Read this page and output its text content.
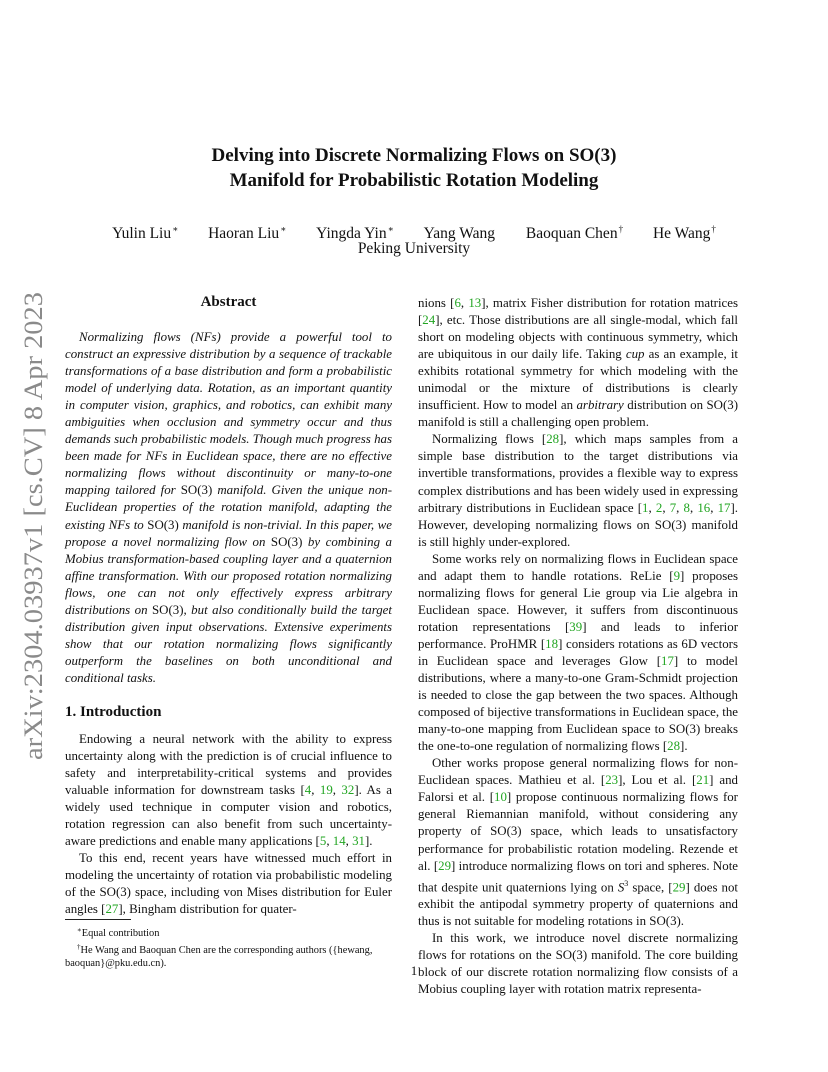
Delving into Discrete Normalizing Flows on SO(3)
Manifold for Probabilistic Rotation Modeling
Yulin Liu∗ Haoran Liu∗ Yingda Yin∗ Yang Wang Baoquan Chen† He Wang†
Peking University
arXiv:2304.03937v1 [cs.CV] 8 Apr 2023
Abstract

Normalizing flows (NFs) provide a powerful tool to construct an expressive distribution by a sequence of trackable transformations of a base distribution and form a probabilistic model of underlying data. Rotation, as an important quantity in computer vision, graphics, and robotics, can exhibit many ambiguities when occlusion and symmetry occur and thus demands such probabilistic models. Though much progress has been made for NFs in Euclidean space, there are no effective normalizing flows without discontinuity or many-to-one mapping tailored for SO(3) manifold. Given the unique non-Euclidean properties of the rotation manifold, adapting the existing NFs to SO(3) manifold is non-trivial. In this paper, we propose a novel normalizing flow on SO(3) by combining a Mobius transformation-based coupling layer and a quaternion affine transformation. With our proposed rotation normalizing flows, one can not only effectively express arbitrary distributions on SO(3), but also conditionally build the target distribution given input observations. Extensive experiments show that our rotation normalizing flows significantly outperform the baselines on both unconditional and conditional tasks.

1. Introduction

Endowing a neural network with the ability to express uncertainty along with the prediction is of crucial influence to safety and interpretability-critical systems and provides valuable information for downstream tasks [4, 19, 32]. As a widely used technique in computer vision and robotics, rotation regression can also benefit from such uncertainty-aware predictions and enable many applications [5, 14, 31].

To this end, recent years have witnessed much effort in modeling the uncertainty of rotation via probabilistic modeling of the SO(3) space, including von Mises distribution for Euler angles [27], Bingham distribution for quater-

∗Equal contribution

†He Wang and Baoquan Chen are the corresponding authors ({hewang, baoquan}@pku.edu.cn).

nions [6, 13], matrix Fisher distribution for rotation matrices [24], etc. Those distributions are all single-modal, which fall short on modeling objects with continuous symmetry, which are ubiquitous in our daily life. Taking cup as an example, it exhibits rotational symmetry for which modeling with the unimodal or the mixture of distributions is clearly insufficient. How to model an arbitrary distribution on SO(3) manifold is still a challenging open problem.

Normalizing flows [28], which maps samples from a simple base distribution to the target distributions via invertible transformations, provides a flexible way to express complex distributions and has been widely used in expressing arbitrary distributions in Euclidean space [1, 2, 7, 8, 16, 17]. However, developing normalizing flows on SO(3) manifold is still highly under-explored.

Some works rely on normalizing flows in Euclidean space and adapt them to handle rotations. ReLie [9] proposes normalizing flows for general Lie group via Lie algebra in Euclidean space. However, it suffers from discontinuous rotation representations [39] and leads to inferior performance. ProHMR [18] considers rotations as 6D vectors in Euclidean space and leverages Glow [17] to model distributions, where a many-to-one Gram-Schmidt projection is needed to close the gap between the two spaces. Although composed of bijective transformations in Euclidean space, the many-to-one mapping from Euclidean space to SO(3) breaks the one-to-one regulation of normalizing flows [28].

Other works propose general normalizing flows for non-Euclidean spaces. Mathieu et al. [23], Lou et al. [21] and Falorsi et al. [10] propose continuous normalizing flows for general Riemannian manifold, without considering any property of SO(3) space, which leads to unsatisfactory performance for probabilistic rotation modeling. Rezende et al. [29] introduce normalizing flows on tori and spheres. Note that despite unit quaternions lying on $S^3$ space, [29] does not exhibit the antipodal symmetry property of quaternions and thus is not suitable for modeling rotations in SO(3).

In this work, we introduce novel discrete normalizing flows for rotations on the SO(3) manifold. The core building block of our discrete rotation normalizing flow consists of a Mobius coupling layer with rotation matrix representa-

1
